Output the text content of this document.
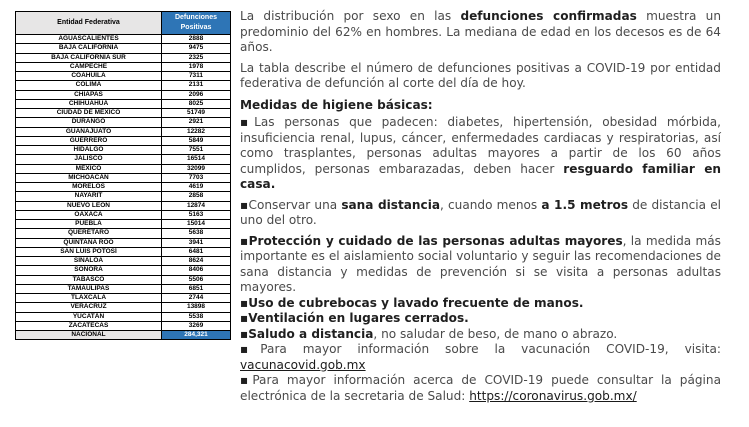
Entidad Federativa	Defunciones
Positivas
AGUASCALIENTES	2888
BAJA CALIFORNIA	9475
BAJA CALIFORNIA SUR	2325
CAMPECHE	1978
COAHUILA	7311
COLIMA	2131
CHIAPAS	2096
CHIHUAHUA	8025
CIUDAD DE MÉXICO	51749
DURANGO	2921
GUANAJUATO	12282
GUERRERO	5849
HIDALGO	7551
JALISCO	16514
MÉXICO	32099
MICHOACÁN	7703
MORELOS	4619
NAYARIT	2858
NUEVO LEÓN	12874
OAXACA	5163
PUEBLA	15014
QUERÉTARO	5638
QUINTANA ROO	3941
SAN LUIS POTOSÍ	6481
SINALOA	8624
SONORA	8406
TABASCO	5506
TAMAULIPAS	6851
TLAXCALA	2744
VERACRUZ	13898
YUCATÁN	5538
ZACATECAS	3269
NACIONAL	284,321

La distribución por sexo en las defunciones confirmadas muestra un predominio del 62% en hombres. La mediana de edad en los decesos es de 64 años.

La tabla describe el número de defunciones positivas a COVID-19 por entidad federativa de defunción al corte del día de hoy.

Medidas de higiene básicas:

▪Las personas que padecen: diabetes, hipertensión, obesidad mórbida, insuficiencia renal, lupus, cáncer, enfermedades cardiacas y respiratorias, así como trasplantes, personas adultas mayores a partir de los 60 años cumplidos, personas embarazadas, deben hacer resguardo familiar en casa.

▪Conservar una sana distancia, cuando menos a 1.5 metros de distancia el uno del otro.

▪Protección y cuidado de las personas adultas mayores, la medida más importante es el aislamiento social voluntario y seguir las recomendaciones de sana distancia y medidas de prevención si se visita a personas adultas mayores.

▪Uso de cubrebocas y lavado frecuente de manos.

▪Ventilación en lugares cerrados.

▪Saludo a distancia, no saludar de beso, de mano o abrazo.

▪Para mayor información sobre la vacunación COVID-19, visita: vacunacovid.gob.mx

▪Para mayor información acerca de COVID-19 puede consultar la página electrónica de la secretaria de Salud: https://coronavirus.gob.mx/
